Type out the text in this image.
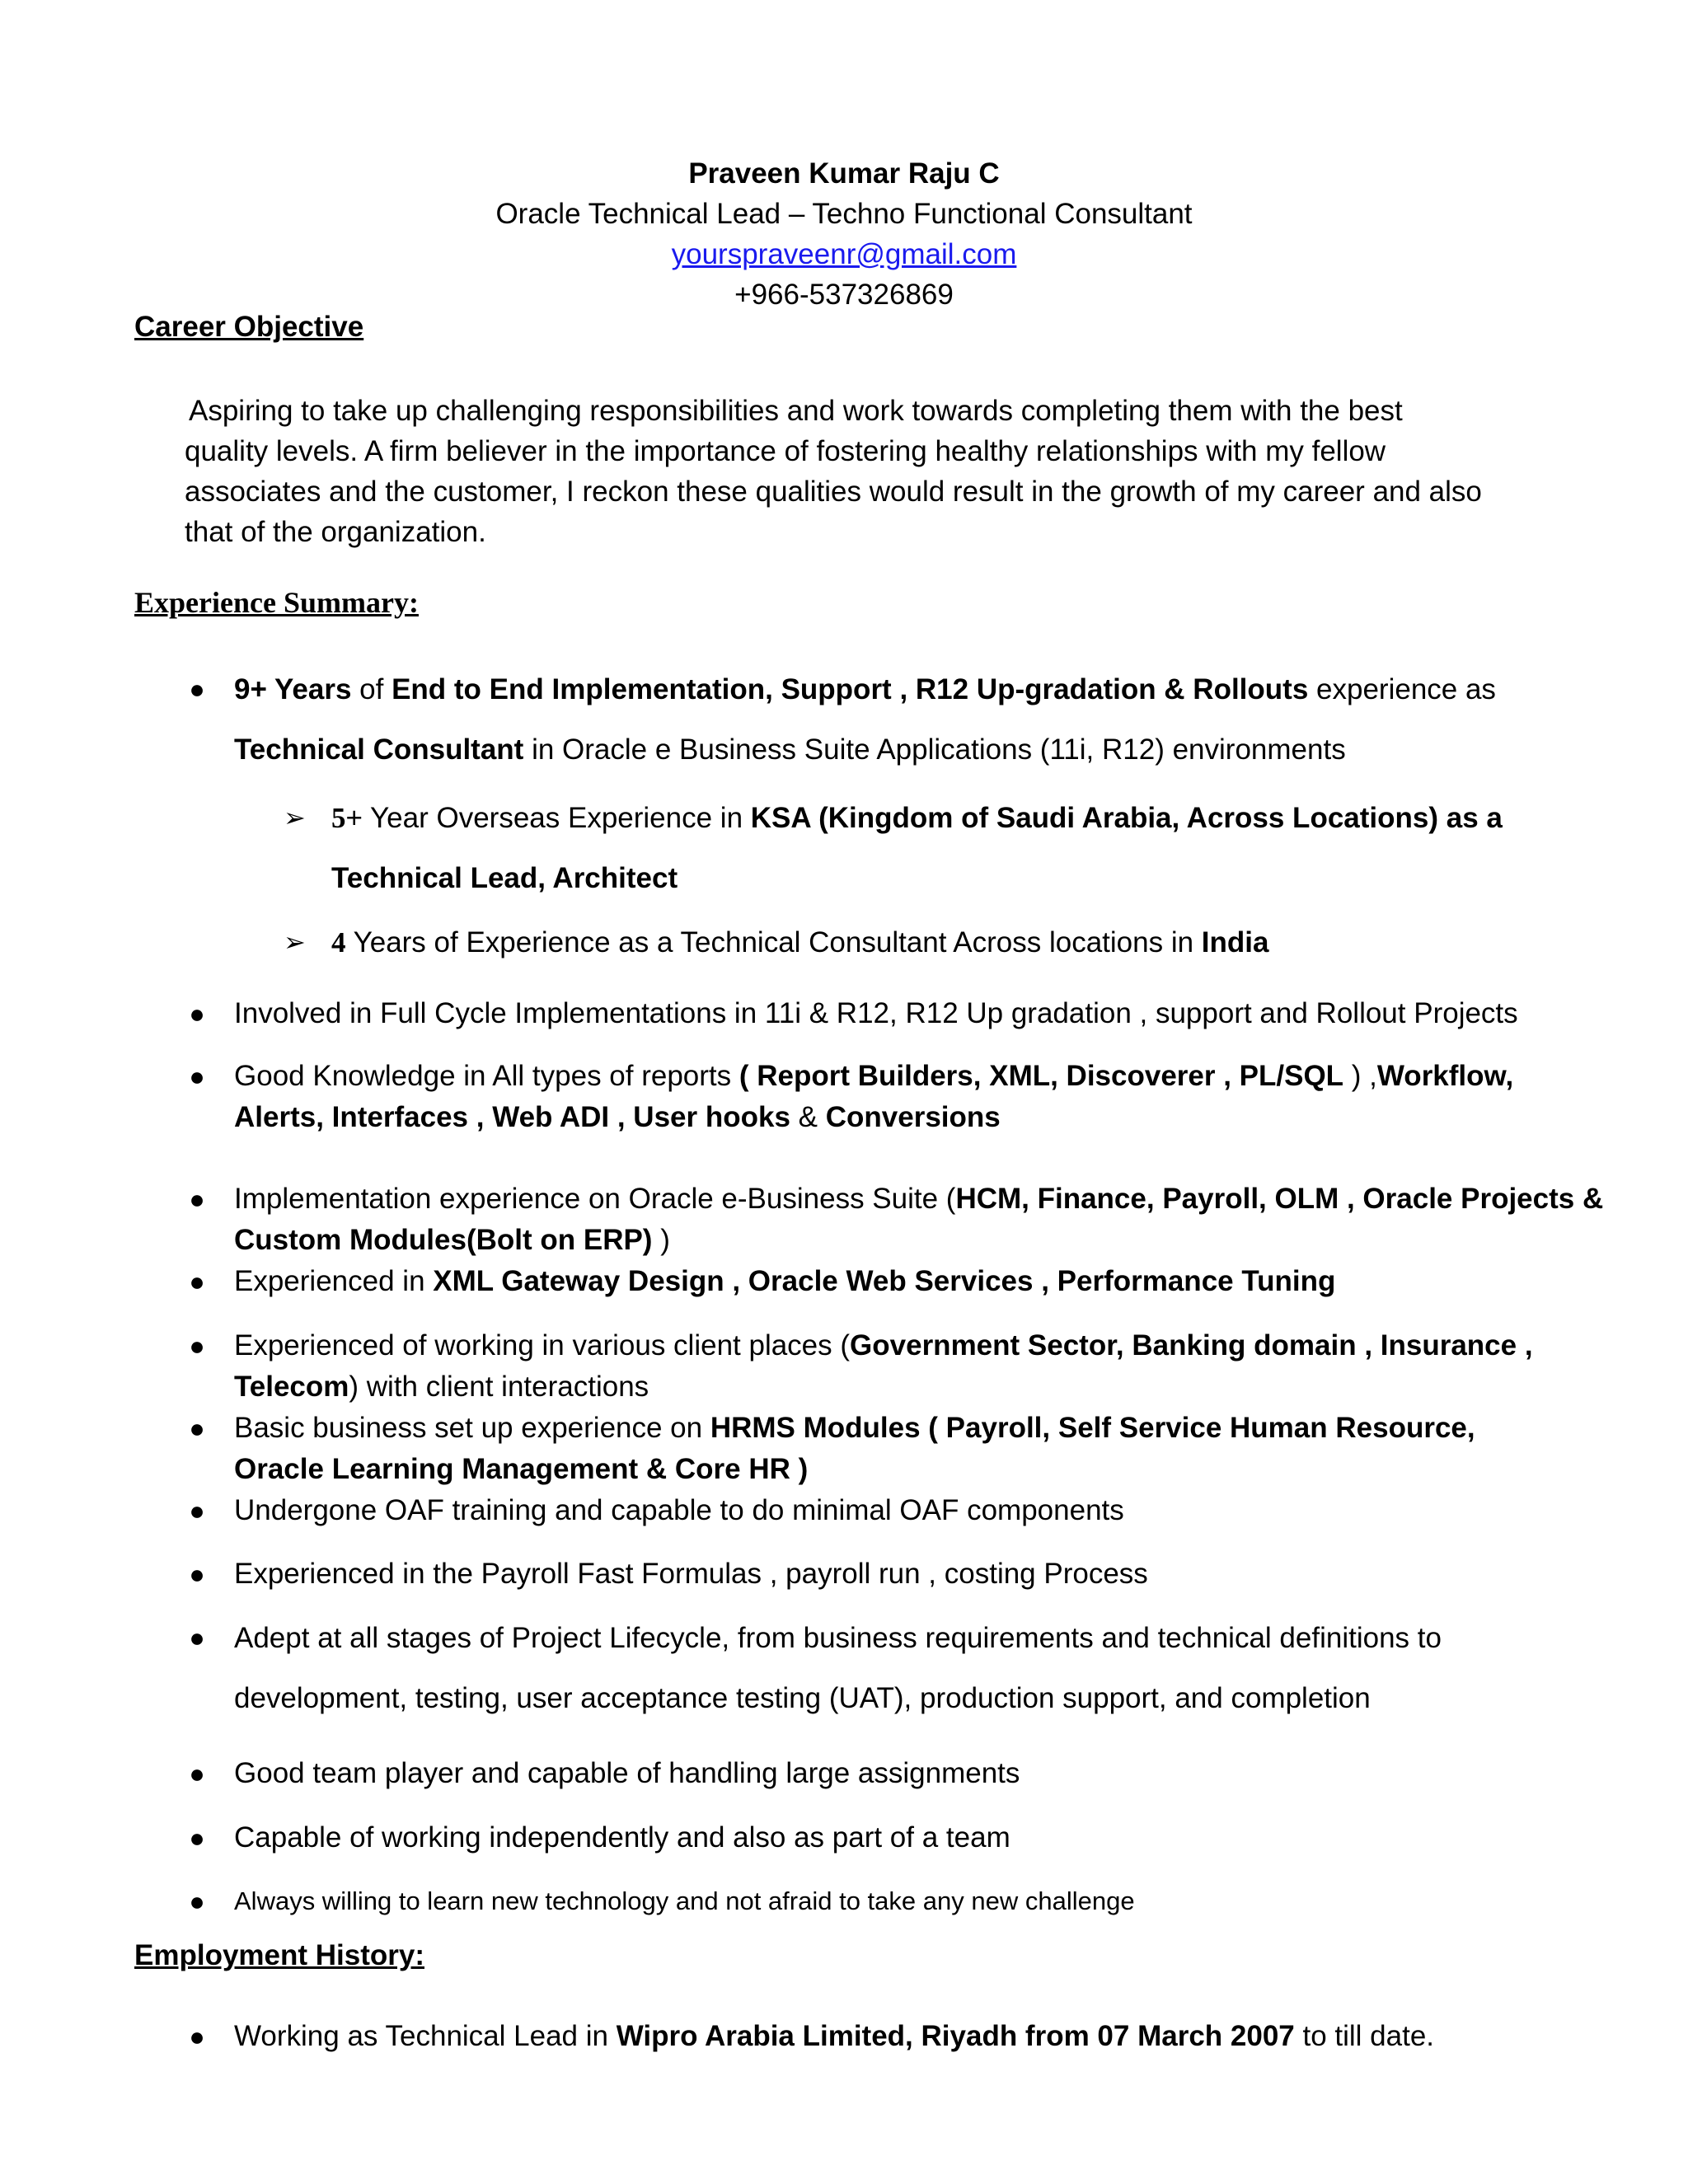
Praveen Kumar Raju C
Oracle Technical Lead – Techno Functional Consultant
yourspraveenr@gmail.com
+966-537326869
Career Objective
Aspiring to take up challenging responsibilities and work towards completing them with the best
quality levels. A firm believer in the importance of fostering healthy relationships with my fellow
associates and the customer, I reckon these qualities would result in the growth of my career and also
that of the organization.
Experience Summary:
● 9+ Years of End to End Implementation, Support , R12 Up-gradation & Rollouts experience as
Technical Consultant in Oracle e Business Suite Applications (11i, R12) environments
➢ 5+ Year Overseas Experience in KSA (Kingdom of Saudi Arabia, Across Locations) as a
Technical Lead, Architect
➢ 4 Years of Experience as a Technical Consultant Across locations in India
● Involved in Full Cycle Implementations in 11i & R12, R12 Up gradation , support and Rollout Projects
● Good Knowledge in All types of reports ( Report Builders, XML, Discoverer , PL/SQL ) ,Workflow,
Alerts, Interfaces , Web ADI , User hooks & Conversions
● Implementation experience on Oracle e-Business Suite (HCM, Finance, Payroll, OLM , Oracle Projects &
Custom Modules(Bolt on ERP) )
● Experienced in XML Gateway Design , Oracle Web Services , Performance Tuning
● Experienced of working in various client places (Government Sector, Banking domain , Insurance ,
Telecom) with client interactions
● Basic business set up experience on HRMS Modules ( Payroll, Self Service Human Resource,
Oracle Learning Management & Core HR )
● Undergone OAF training and capable to do minimal OAF components
● Experienced in the Payroll Fast Formulas , payroll run , costing Process
● Adept at all stages of Project Lifecycle, from business requirements and technical definitions to
development, testing, user acceptance testing (UAT), production support, and completion
● Good team player and capable of handling large assignments
● Capable of working independently and also as part of a team
● Always willing to learn new technology and not afraid to take any new challenge
Employment History:
● Working as Technical Lead in Wipro Arabia Limited, Riyadh from 07 March 2007 to till date.
